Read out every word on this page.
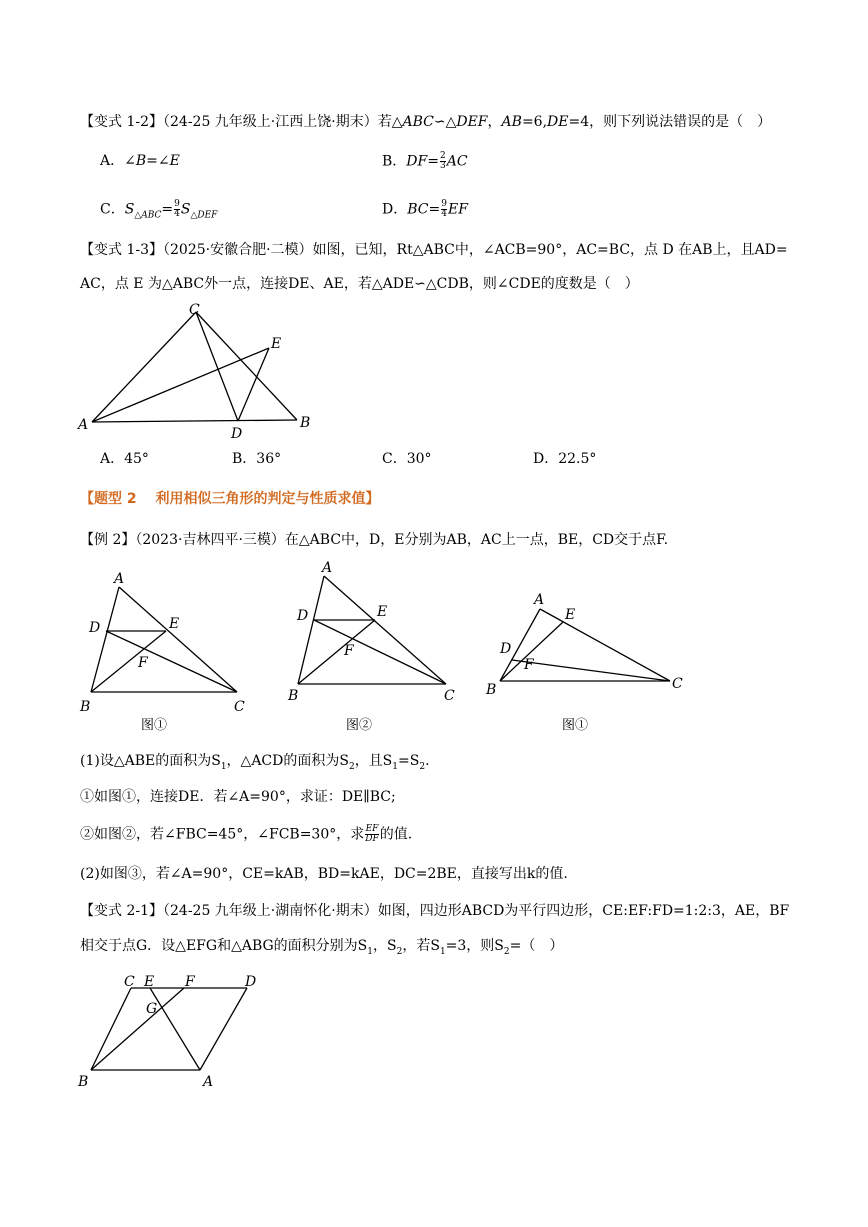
【变式 1-2】（24-25 九年级上·江西上饶·期末）若△ABC∽△DEF，AB=6,DE=4，则下列说法错误的是（　）
A．∠B=∠E	B．$DF= \frac{2}{3}$ AC
C．$S_{\triangle ABC}= \frac{9}{4} S_{\triangle DEF}$	D．$BC= \frac{9}{4}$ EF
【变式 1-3】（2025·安徽合肥·二模）如图，已知，Rt△ABC中，∠ACB=90°，AC=BC，点 D 在AB上，且AD=
AC，点 E 为△ABC外一点，连接DE、AE，若△ADE∽△CDB，则∠CDE的度数是（　）
C
E
A
D
B
A．45°	B．36°	C．30°	D．22.5°
【题型 2　 利用相似三角形的判定与性质求值】
【例 2】（2023·吉林四平·三模）在△ABC中，D，E分别为AB，AC上一点，BE，CD交于点F.
A
D	E
F
B	C
图①
A
D	E
F
B	C
图②
A
E
D
F
B	C
图①
(1)设△ABE的面积为$S_1$，△ACD的面积为$S_2$，且$S_1=S_2$.
①如图①，连接DE．若∠A=90°，求证：DE∥BC;
②如图②，若∠FBC=45°，∠FCB=30°，求 $\frac{EF}{DF}$ 的值.
(2)如图③，若∠A=90°，CE=kAB，BD=kAE，DC=2BE，直接写出k的值.
【变式 2-1】（24-25 九年级上·湖南怀化·期末）如图，四边形ABCD为平行四边形，CE:EF:FD=1:2:3，AE，BF
相交于点G．设△EFG和△ABG的面积分别为$S_1$，$S_2$，若$S_1=3$，则$S_2=$（　）
C E F	D
G
B	A
